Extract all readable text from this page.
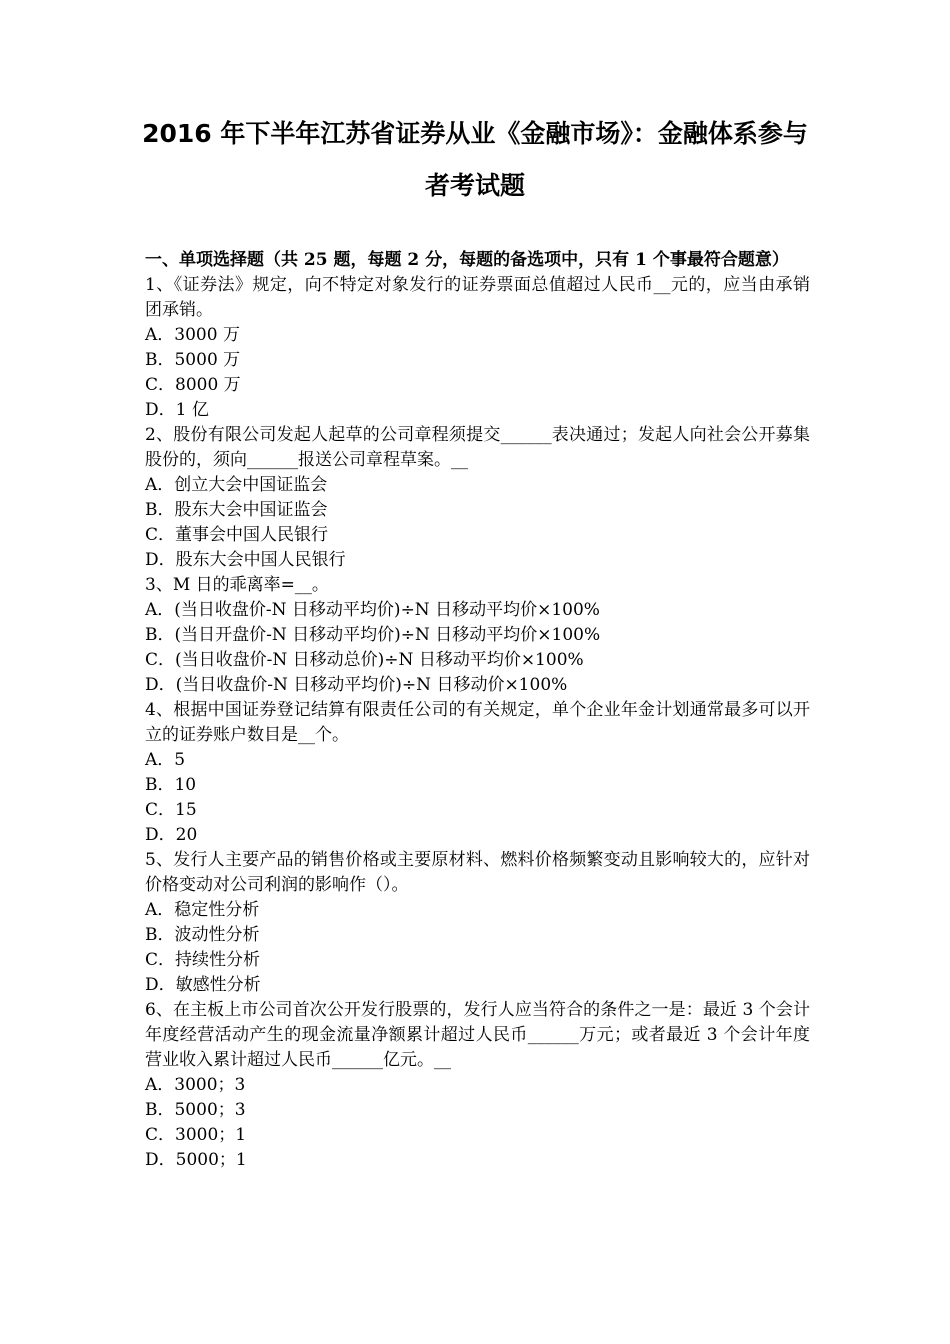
2016 年下半年江苏省证券从业《金融市场》：金融体系参与
者考试题
一、单项选择题（共 25 题，每题 2 分，每题的备选项中，只有 1 个事最符合题意）
1、《证券法》规定，向不特定对象发行的证券票面总值超过人民币__元的，应当由承销团承销。
A．3000 万
B．5000 万
C．8000 万
D．1 亿
2、股份有限公司发起人起草的公司章程须提交______表决通过；发起人向社会公开募集股份的，须向______报送公司章程草案。__
A．创立大会中国证监会
B．股东大会中国证监会
C．董事会中国人民银行
D．股东大会中国人民银行
3、M 日的乖离率=__。
A．(当日收盘价-N 日移动平均价)÷N 日移动平均价×100%
B．(当日开盘价-N 日移动平均价)÷N 日移动平均价×100%
C．(当日收盘价-N 日移动总价)÷N 日移动平均价×100%
D．(当日收盘价-N 日移动平均价)÷N 日移动价×100%
4、根据中国证券登记结算有限责任公司的有关规定，单个企业年金计划通常最多可以开立的证券账户数目是__个。
A．5
B．10
C．15
D．20
5、发行人主要产品的销售价格或主要原材料、燃料价格频繁变动且影响较大的，应针对价格变动对公司利润的影响作（）。
A．稳定性分析
B．波动性分析
C．持续性分析
D．敏感性分析
6、在主板上市公司首次公开发行股票的，发行人应当符合的条件之一是：最近 3 个会计年度经营活动产生的现金流量净额累计超过人民币______万元；或者最近 3 个会计年度营业收入累计超过人民币______亿元。__
A．3000；3
B．5000；3
C．3000；1
D．5000；1
